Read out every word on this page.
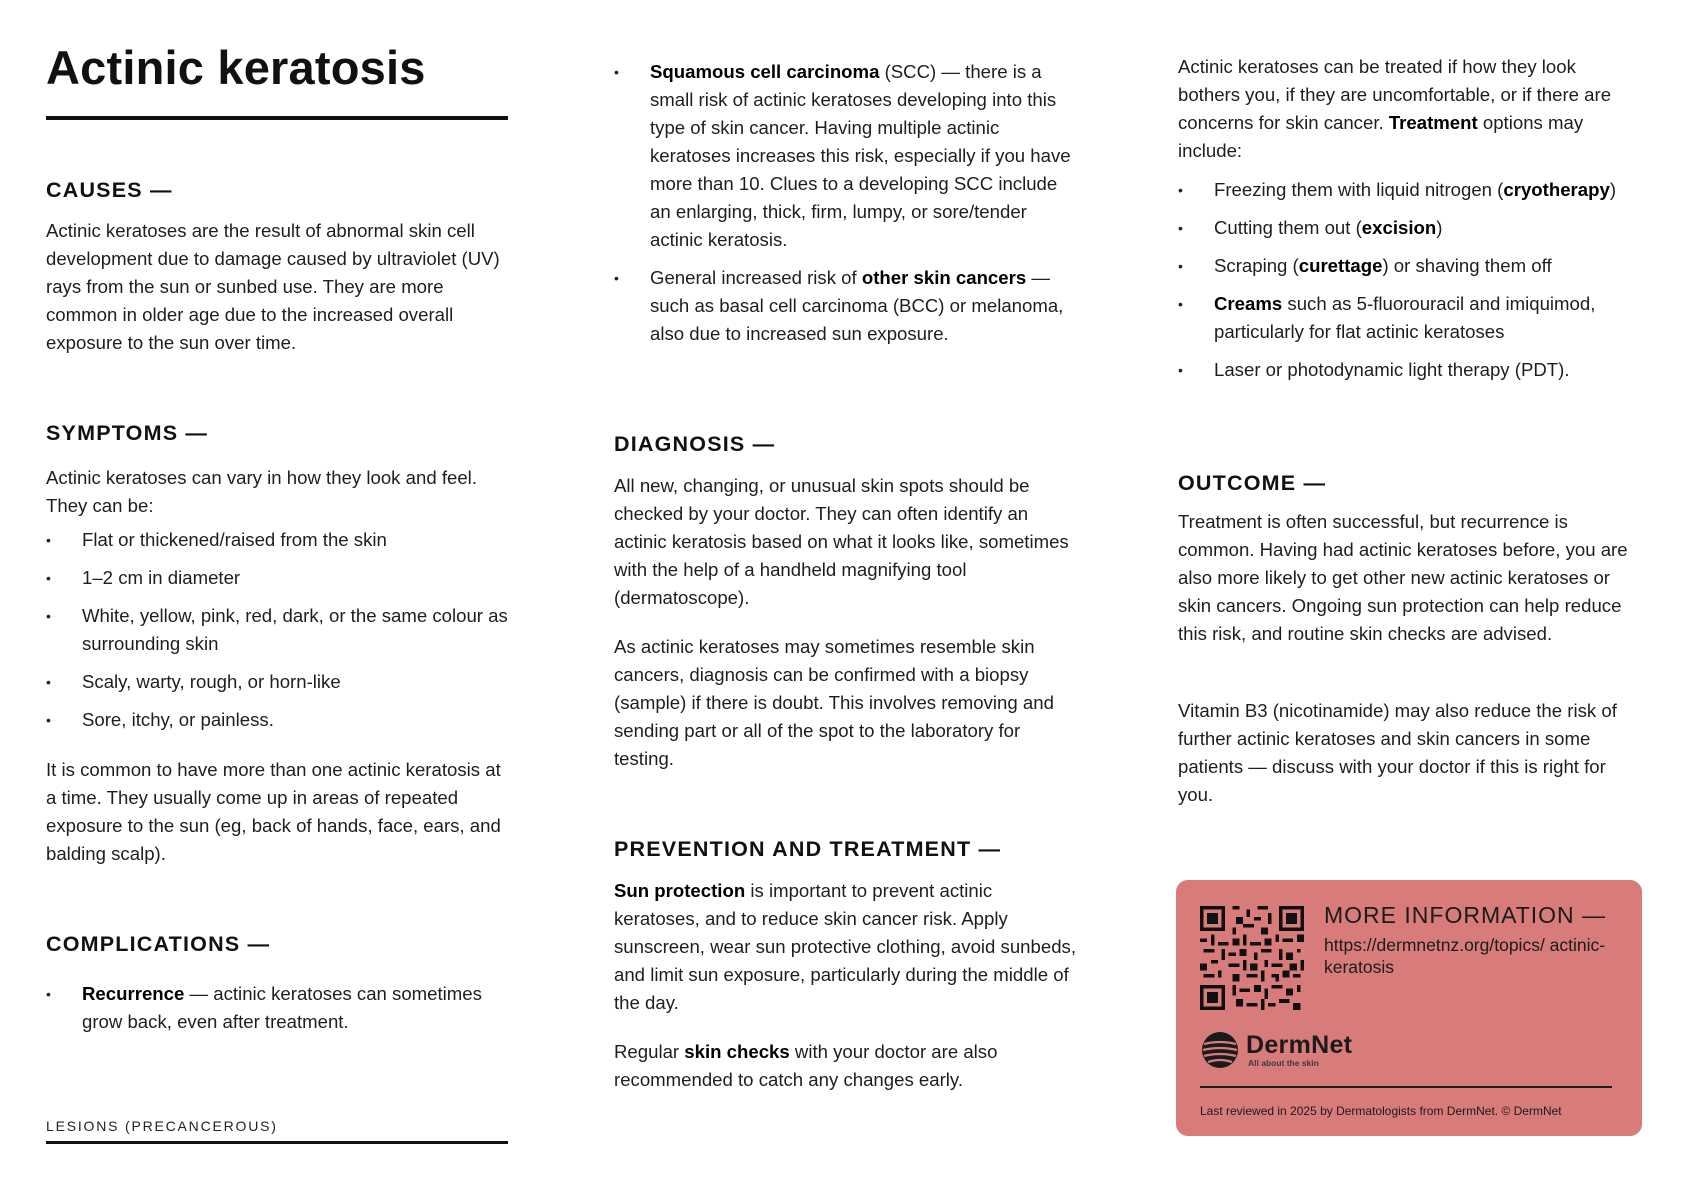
Actinic keratosis
CAUSES —

Actinic keratoses are the result of abnormal skin cell development due to damage caused by ultraviolet (UV) rays from the sun or sunbed use. They are more common in older age due to the increased overall exposure to the sun over time.

SYMPTOMS —

Actinic keratoses can vary in how they look and feel. They can be:

• Flat or thickened/raised from the skin
• 1–2 cm in diameter
• White, yellow, pink, red, dark, or the same colour as surrounding skin
• Scaly, warty, rough, or horn-like
• Sore, itchy, or painless.

It is common to have more than one actinic keratosis at a time. They usually come up in areas of repeated exposure to the sun (eg, back of hands, face, ears, and balding scalp).

COMPLICATIONS —
• Recurrence — actinic keratoses can sometimes grow back, even after treatment.
• Squamous cell carcinoma (SCC) — there is a small risk of actinic keratoses developing into this type of skin cancer. Having multiple actinic keratoses increases this risk, especially if you have more than 10. Clues to a developing SCC include an enlarging, thick, firm, lumpy, or sore/tender actinic keratosis.
• General increased risk of other skin cancers — such as basal cell carcinoma (BCC) or melanoma, also due to increased sun exposure.
DIAGNOSIS —

All new, changing, or unusual skin spots should be checked by your doctor. They can often identify an actinic keratosis based on what it looks like, sometimes with the help of a handheld magnifying tool (dermatoscope).

As actinic keratoses may sometimes resemble skin cancers, diagnosis can be confirmed with a biopsy (sample) if there is doubt. This involves removing and sending part or all of the spot to the laboratory for testing.

PREVENTION AND TREATMENT —

Sun protection is important to prevent actinic keratoses, and to reduce skin cancer risk. Apply sunscreen, wear sun protective clothing, avoid sunbeds, and limit sun exposure, particularly during the middle of the day.

Regular skin checks with your doctor are also recommended to catch any changes early.

Actinic keratoses can be treated if how they look bothers you, if they are uncomfortable, or if there are concerns for skin cancer. Treatment options may include:

• Freezing them with liquid nitrogen (cryotherapy)
• Cutting them out (excision)
• Scraping (curettage) or shaving them off
• Creams such as 5-fluorouracil and imiquimod, particularly for flat actinic keratoses
• Laser or photodynamic light therapy (PDT).
OUTCOME —

Treatment is often successful, but recurrence is common. Having had actinic keratoses before, you are also more likely to get other new actinic keratoses or skin cancers. Ongoing sun protection can help reduce this risk, and routine skin checks are advised.

Vitamin B3 (nicotinamide) may also reduce the risk of further actinic keratoses and skin cancers in some patients — discuss with your doctor if this is right for you.

MORE INFORMATION —
https://dermnetnz.org/topics/ actinic-keratosis
DermNet
All about the skin
Last reviewed in 2025 by Dermatologists from DermNet. © DermNet
LESIONS (PRECANCEROUS)
